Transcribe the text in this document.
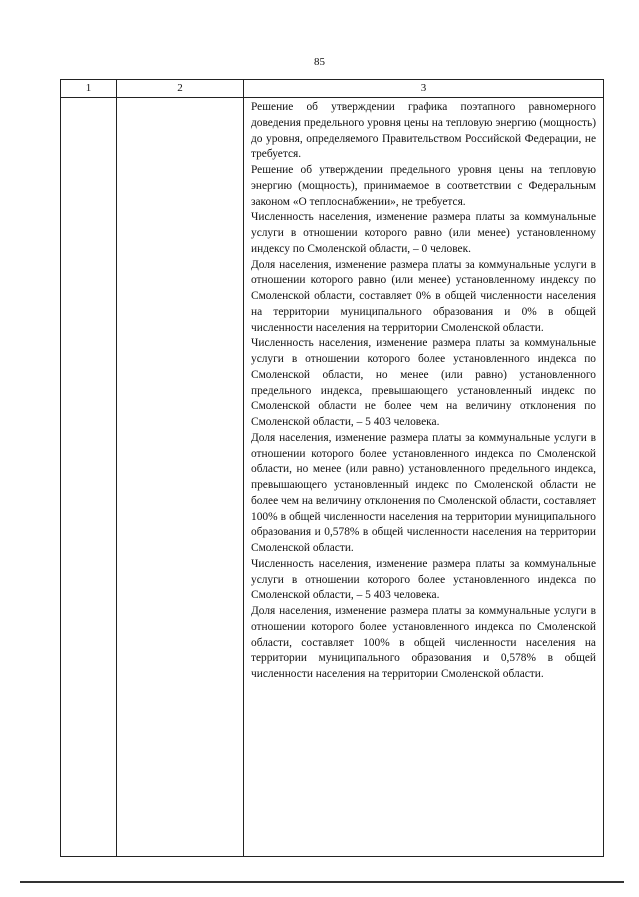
85
1	2	3

Решение об утверждении графика поэтапного равномерного доведения предельного уровня цены на тепловую энергию (мощность) до уровня, определяемого Правительством Российской Федерации, не требуется.

Решение об утверждении предельного уровня цены на тепловую энергию (мощность), принимаемое в соответствии с Федеральным законом «О теплоснабжении», не требуется.

Численность населения, изменение размера платы за коммунальные услуги в отношении которого равно (или менее) установленному индексу по Смоленской области, – 0 человек.

Доля населения, изменение размера платы за коммунальные услуги в отношении которого равно (или менее) установленному индексу по Смоленской области, составляет 0% в общей численности населения на территории муниципального образования и 0% в общей численности населения на территории Смоленской области.

Численность населения, изменение размера платы за коммунальные услуги в отношении которого более установленного индекса по Смоленской области, но менее (или равно) установленного предельного индекса, превышающего установленный индекс по Смоленской области не более чем на величину отклонения по Смоленской области, – 5 403 человека.

Доля населения, изменение размера платы за коммунальные услуги в отношении которого более установленного индекса по Смоленской области, но менее (или равно) установленного предельного индекса, превышающего установленный индекс по Смоленской области не более чем на величину отклонения по Смоленской области, составляет 100% в общей численности населения на территории муниципального образования и 0,578% в общей численности населения на территории Смоленской области.

Численность населения, изменение размера платы за коммунальные услуги в отношении которого более установленного индекса по Смоленской области, – 5 403 человека.

Доля населения, изменение размера платы за коммунальные услуги в отношении которого более установленного индекса по Смоленской области, составляет 100% в общей численности населения на территории муниципального образования и 0,578% в общей численности населения на территории Смоленской области.
